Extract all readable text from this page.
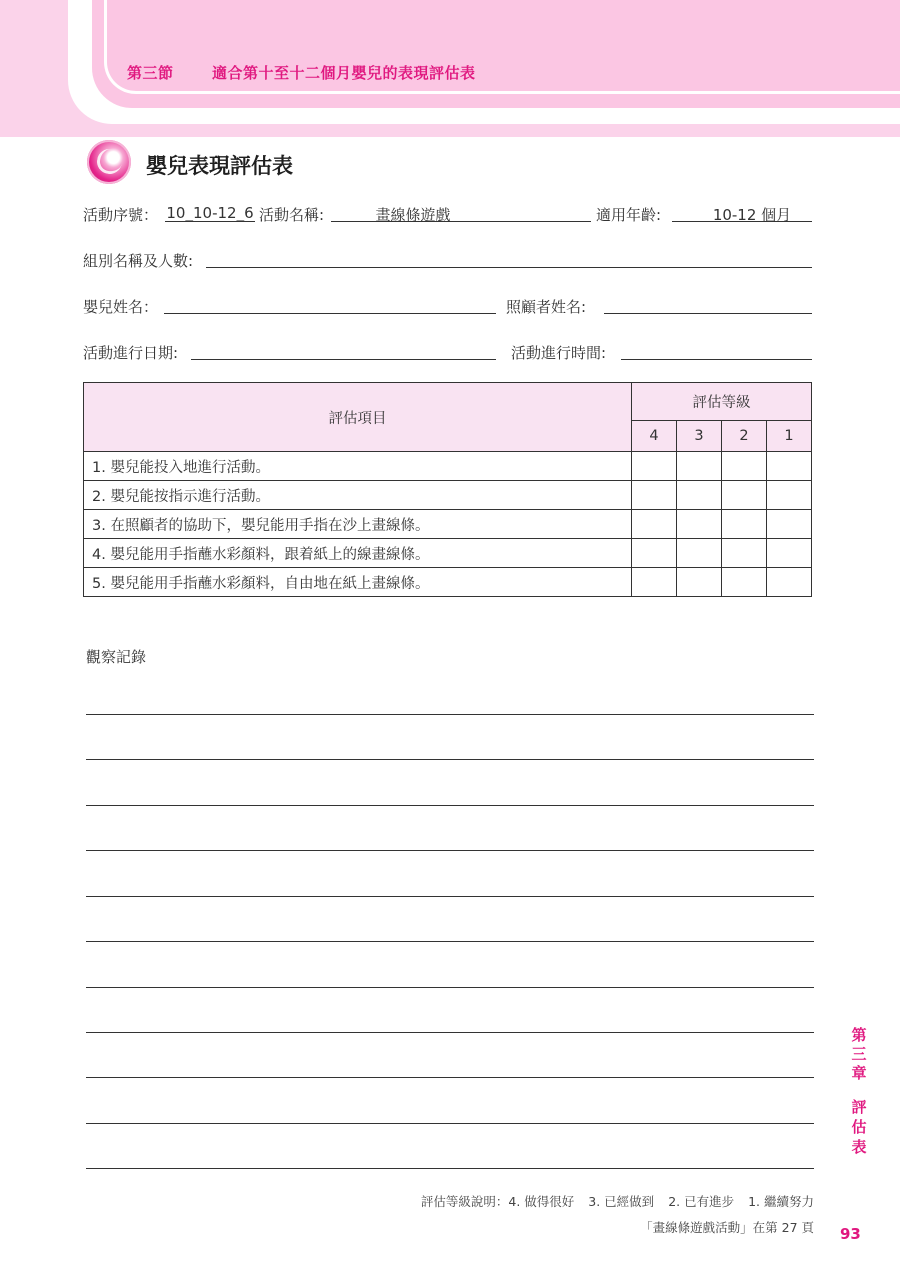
第三節	適合第十至十二個月嬰兒的表現評估表
嬰兒表現評估表
活動序號： 10_10-12_6 活動名稱:	畫線條遊戲	適用年齡:	10-12 個月
組別名稱及人數:
嬰兒姓名：	照顧者姓名:
活動進行日期:	活動進行時間:
評估項目	評估等級			
	4	3	2	1
1. 嬰兒能投入地進行活動。				
2. 嬰兒能按指示進行活動。				
3. 在照顧者的協助下，嬰兒能用手指在沙上畫線條。				
4. 嬰兒能用手指蘸水彩顏料，跟着紙上的線畫線條。				
5. 嬰兒能用手指蘸水彩顏料，自由地在紙上畫線條。				
觀察記錄
第
三
章
評
估
表
評估等級說明：4. 做得很好 3. 已經做到 2. 已有進步 1. 繼續努力
「畫線條遊戲活動」在第 27 頁 93
